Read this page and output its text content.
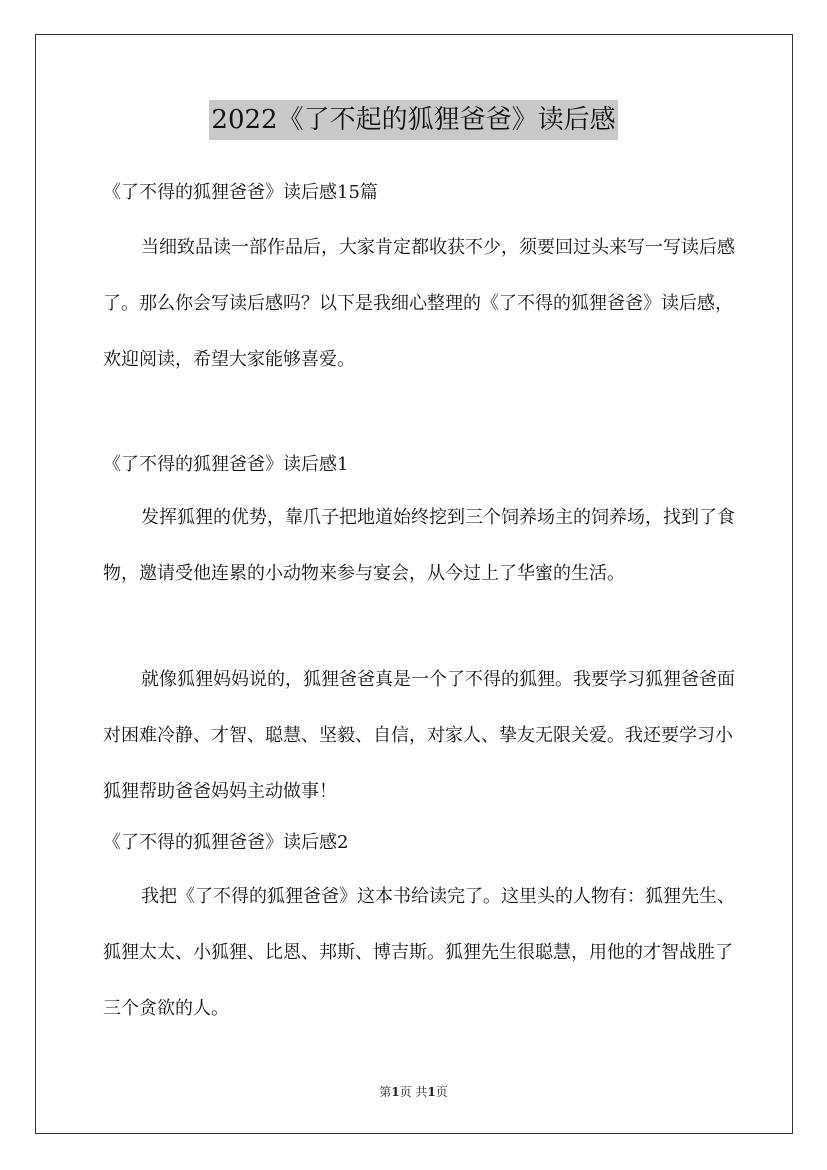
2022《了不起的狐狸爸爸》读后感
《了不得的狐狸爸爸》读后感15篇
当细致品读一部作品后，大家肯定都收获不少，须要回过头来写一写读后感了。那么你会写读后感吗？以下是我细心整理的《了不得的狐狸爸爸》读后感，欢迎阅读，希望大家能够喜爱。
《了不得的狐狸爸爸》读后感1
发挥狐狸的优势，靠爪子把地道始终挖到三个饲养场主的饲养场，找到了食物，邀请受他连累的小动物来参与宴会，从今过上了华蜜的生活。
就像狐狸妈妈说的，狐狸爸爸真是一个了不得的狐狸。我要学习狐狸爸爸面对困难冷静、才智、聪慧、坚毅、自信，对家人、挚友无限关爱。我还要学习小狐狸帮助爸爸妈妈主动做事！
《了不得的狐狸爸爸》读后感2
我把《了不得的狐狸爸爸》这本书给读完了。这里头的人物有：狐狸先生、狐狸太太、小狐狸、比恩、邦斯、博吉斯。狐狸先生很聪慧，用他的才智战胜了三个贪欲的人。
第1页 共1页
